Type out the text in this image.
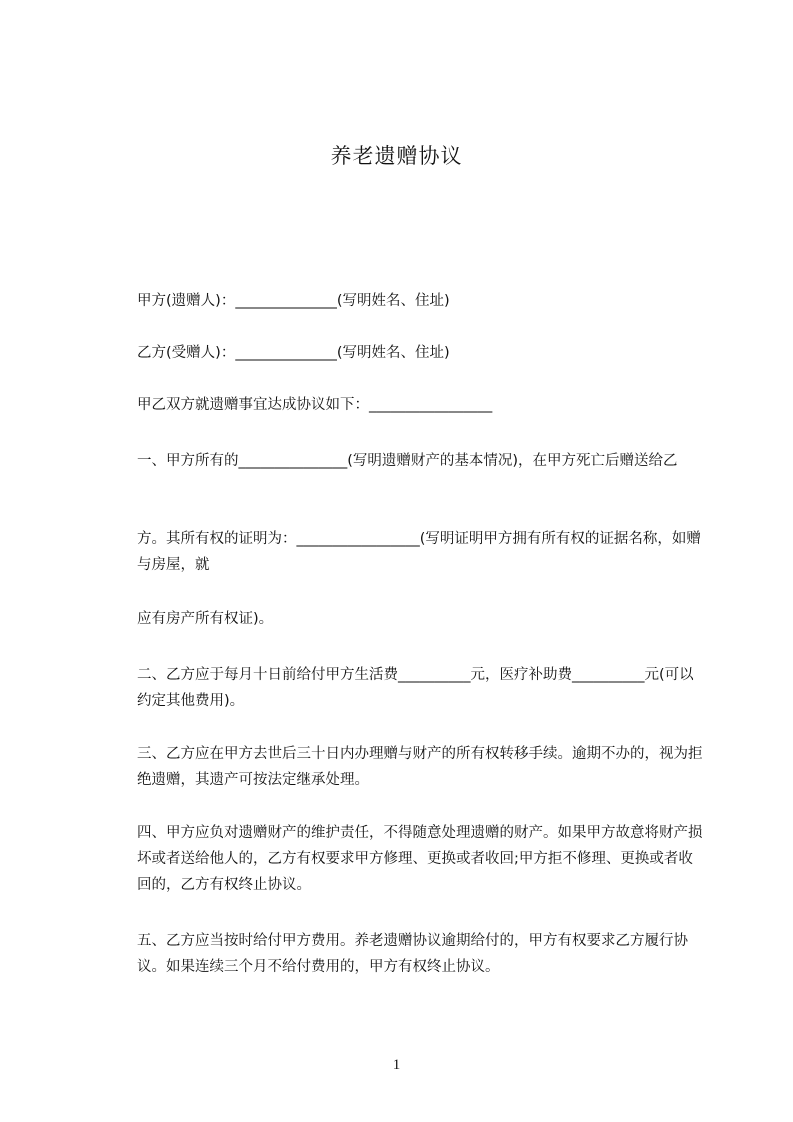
养老遗赠协议

甲方(遗赠人)：______________(写明姓名、住址)

乙方(受赠人)：______________(写明姓名、住址)

甲乙双方就遗赠事宜达成协议如下：_________________

一、甲方所有的_______________(写明遗赠财产的基本情况)，在甲方死亡后赠送给乙

方。其所有权的证明为：_________________(写明证明甲方拥有所有权的证据名称，如赠与房屋，就

应有房产所有权证)。

二、乙方应于每月十日前给付甲方生活费__________元，医疗补助费__________元(可以约定其他费用)。

三、乙方应在甲方去世后三十日内办理赠与财产的所有权转移手续。逾期不办的，视为拒绝遗赠，其遗产可按法定继承处理。

四、甲方应负对遗赠财产的维护责任，不得随意处理遗赠的财产。如果甲方故意将财产损坏或者送给他人的，乙方有权要求甲方修理、更换或者收回;甲方拒不修理、更换或者收回的，乙方有权终止协议。

五、乙方应当按时给付甲方费用。养老遗赠协议逾期给付的，甲方有权要求乙方履行协议。如果连续三个月不给付费用的，甲方有权终止协议。

1
